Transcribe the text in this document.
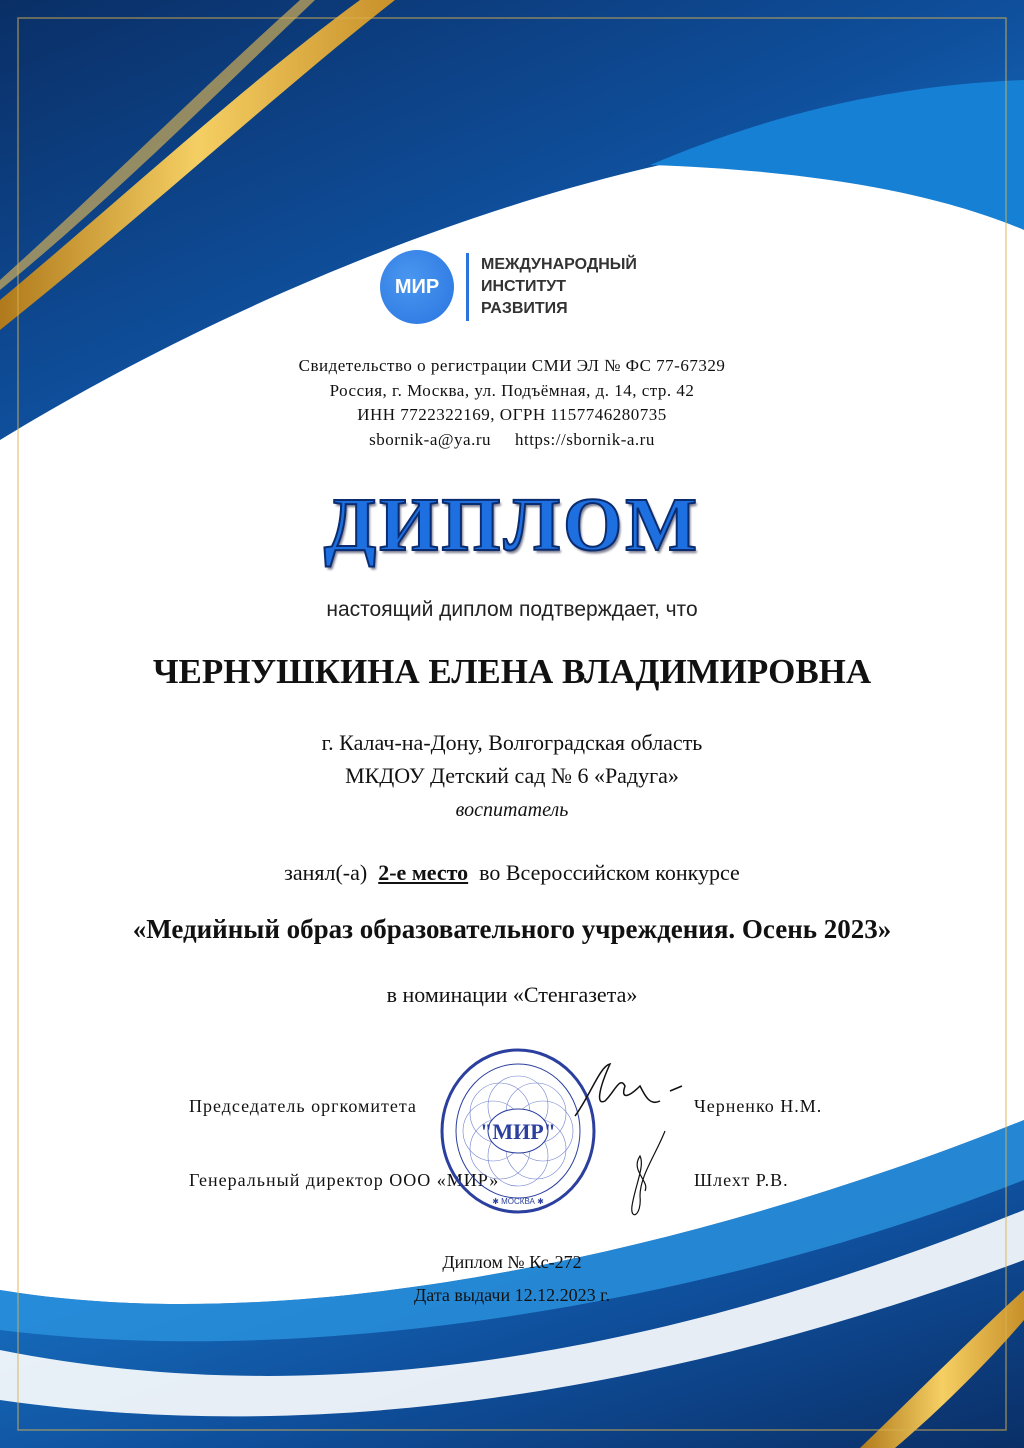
МИР
МЕЖДУНАРОДНЫЙ
ИНСТИТУТ
РАЗВИТИЯ
Свидетельство о регистрации СМИ ЭЛ № ФС 77-67329
Россия, г. Москва, ул. Подъёмная, д. 14, стр. 42
ИНН 7722322169, ОГРН 1157746280735
sbornik-a@ya.ru https://sbornik-a.ru
ДИПЛОМ
настоящий диплом подтверждает, что
ЧЕРНУШКИНА ЕЛЕНА ВЛАДИМИРОВНА
г. Калач-на-Дону, Волгоградская область
МКДОУ Детский сад № 6 «Радуга»
воспитатель
занял(-а) 2-е место во Всероссийском конкурсе
«Медийный образ образовательного учреждения. Осень 2023»
в номинации «Стенгазета»
Председатель оргкомитета	Черненко Н.М.
Генеральный директор ООО «МИР»	Шлехт Р.В.
"МИР"
✱ МОСКВА ✱
Диплом № Кс-272
Дата выдачи 12.12.2023 г.
